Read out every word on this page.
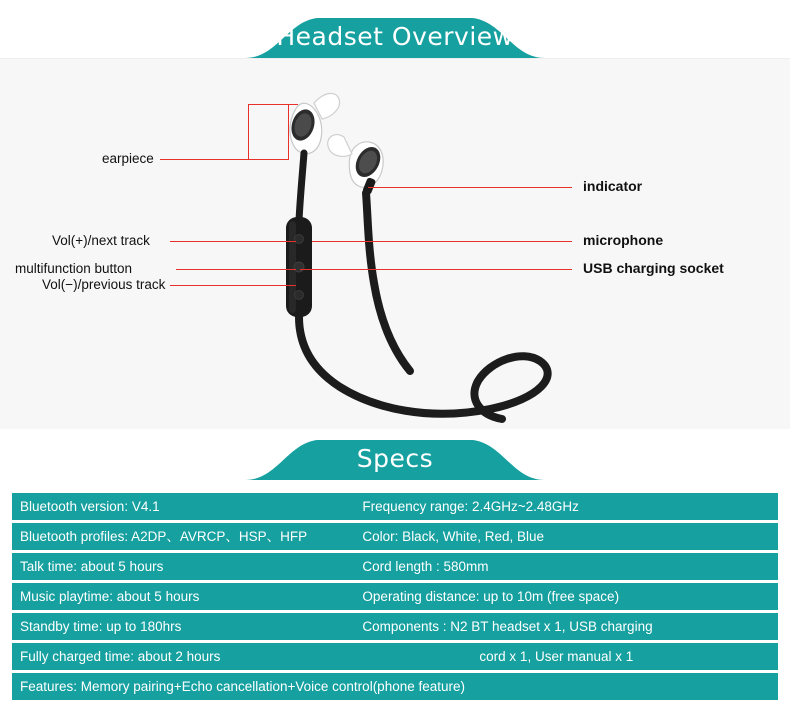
Headset Overview
earpiece
Vol(+)/next track
multifunction button
Vol(−)/previous track
indicator
microphone
USB charging socket
Specs
Bluetooth version: V4.1	Frequency range: 2.4GHz~2.48GHz
Bluetooth profiles: A2DP、AVRCP、HSP、HFP	Color: Black, White, Red, Blue
Talk time: about 5 hours	Cord length : 580mm
Music playtime: about 5 hours	Operating distance: up to 10m (free space)
Standby time: up to 180hrs	Components : N2 BT headset x 1, USB charging
Fully charged time: about 2 hours	cord x 1, User manual x 1
Features: Memory pairing+Echo cancellation+Voice control(phone feature)	
